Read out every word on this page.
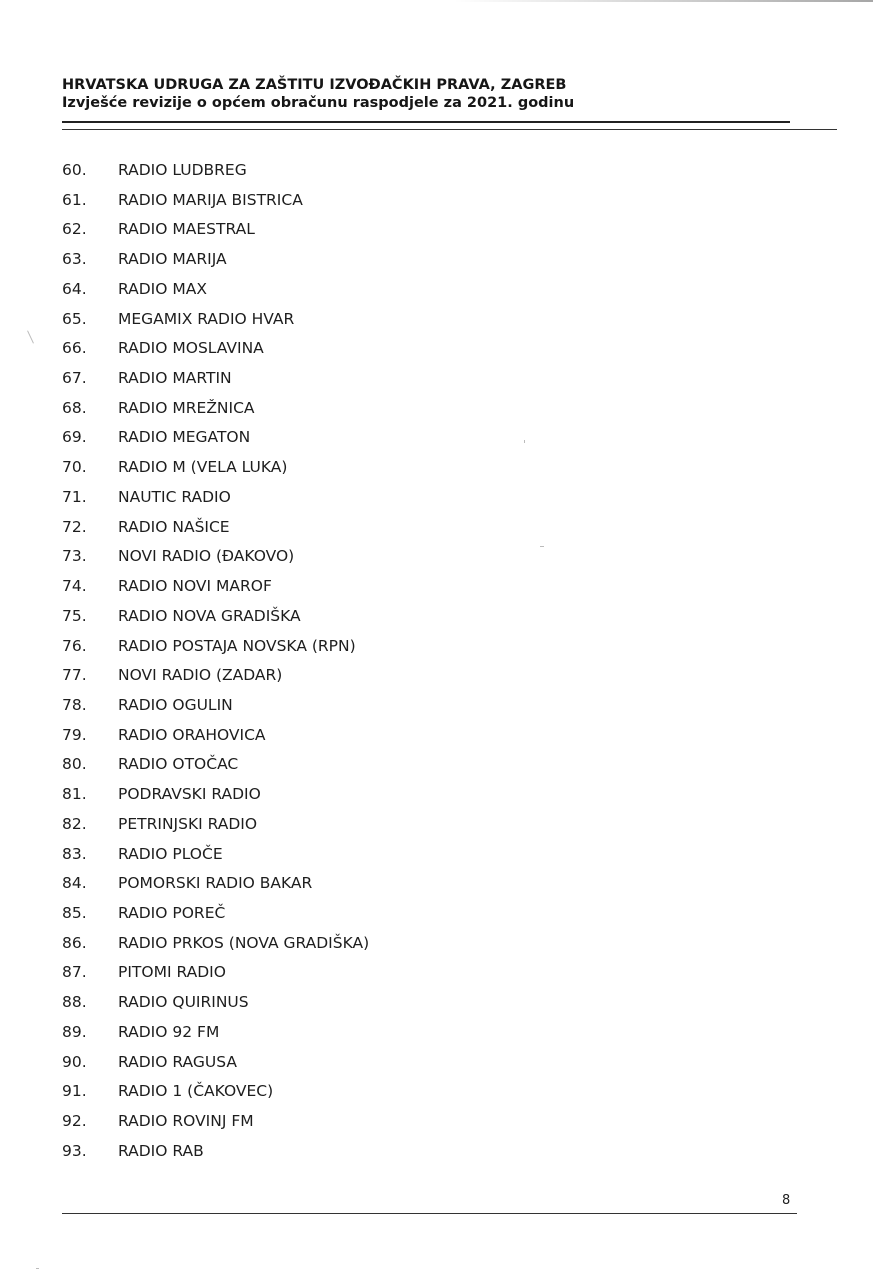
HRVATSKA UDRUGA ZA ZAŠTITU IZVOĐAČKIH PRAVA, ZAGREB
Izvješće revizije o općem obračunu raspodjele za 2021. godinu
60.	RADIO LUDBREG
61.	RADIO MARIJA BISTRICA
62.	RADIO MAESTRAL
63.	RADIO MARIJA
64.	RADIO MAX
65.	MEGAMIX RADIO HVAR
66.	RADIO MOSLAVINA
67.	RADIO MARTIN
68.	RADIO MREŽNICA
69.	RADIO MEGATON
70.	RADIO M (VELA LUKA)
71.	NAUTIC RADIO
72.	RADIO NAŠICE
73.	NOVI RADIO (ĐAKOVO)
74.	RADIO NOVI MAROF
75.	RADIO NOVA GRADIŠKA
76.	RADIO POSTAJA NOVSKA (RPN)
77.	NOVI RADIO (ZADAR)
78.	RADIO OGULIN
79.	RADIO ORAHOVICA
80.	RADIO OTOČAC
81.	PODRAVSKI RADIO
82.	PETRINJSKI RADIO
83.	RADIO PLOČE
84.	POMORSKI RADIO BAKAR
85.	RADIO POREČ
86.	RADIO PRKOS (NOVA GRADIŠKA)
87.	PITOMI RADIO
88.	RADIO QUIRINUS
89.	RADIO 92 FM
90.	RADIO RAGUSA
91.	RADIO 1 (ČAKOVEC)
92.	RADIO ROVINJ FM
93.	RADIO RAB
8
